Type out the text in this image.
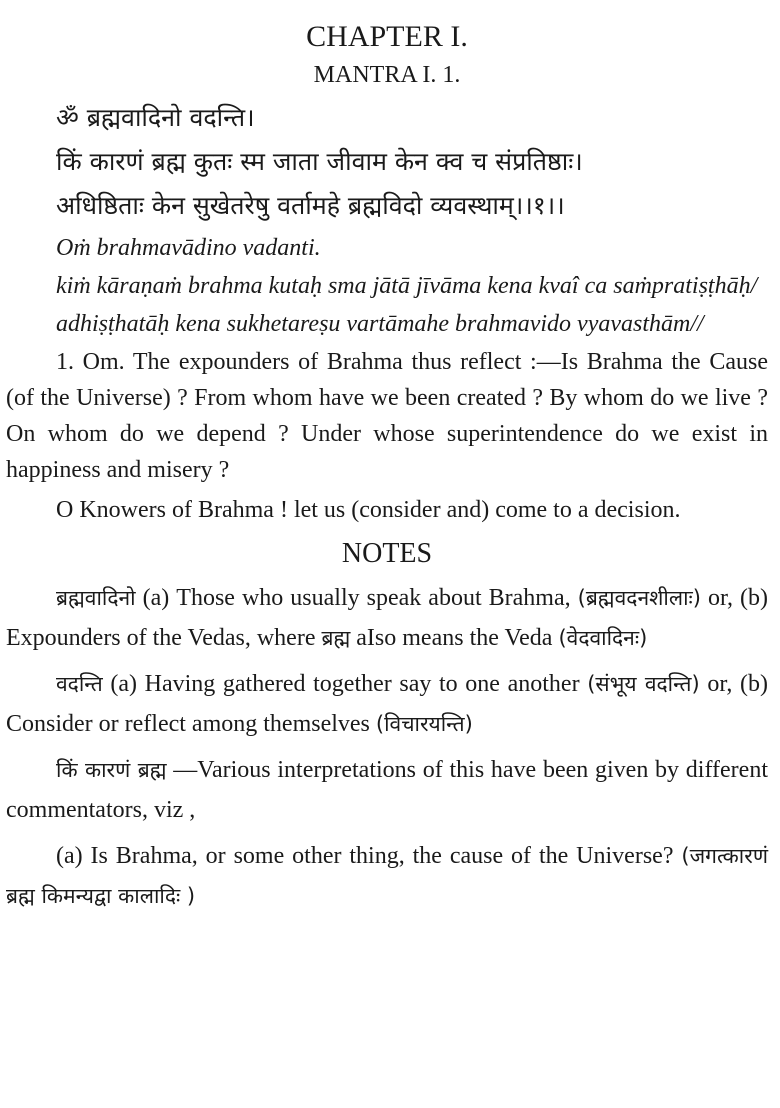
CHAPTER I.
MANTRA I. 1.
ॐ ब्रह्मवादिनो वदन्ति।
किं कारणं ब्रह्म कुतः स्म जाता जीवाम केन क्व च संप्रतिष्ठाः।
अधिष्ठिताः केन सुखेतरेषु वर्तामहे ब्रह्मविदो व्यवस्थाम्।।१।।
Oṁ brahmavādino vadanti.
kiṁ kāraṇaṁ brahma kutaḥ sma jātā jīvāma kena kvaî ca saṁpratiṣṭhāḥ/
adhiṣṭhatāḥ kena sukhetareṣu vartāmahe brahmavido vyavasthām//
1. Om. The expounders of Brahma thus reflect :—Is Brahma the Cause (of the Universe) ? From whom have we been created ? By whom do we live ? On whom do we depend ? Under whose superintendence do we exist in happiness and misery ?
O Knowers of Brahma ! let us (consider and) come to a decision.
NOTES
ब्रह्मवादिनो (a) Those who usually speak about Brahma, (ब्रह्मवदनशीलाः) or, (b) Expounders of the Vedas, where ब्रह्म aIso means the Veda (वेदवादिनः)
वदन्ति (a) Having gathered together say to one another (संभूय वदन्ति) or, (b) Consider or reflect among themselves (विचारयन्ति)
किं कारणं ब्रह्म —Various interpretations of this have been given by different commentators, viz ,
(a) Is Brahma, or some other thing, the cause of the Universe? (जगत्कारणं ब्रह्म किमन्यद्वा कालादिः )
